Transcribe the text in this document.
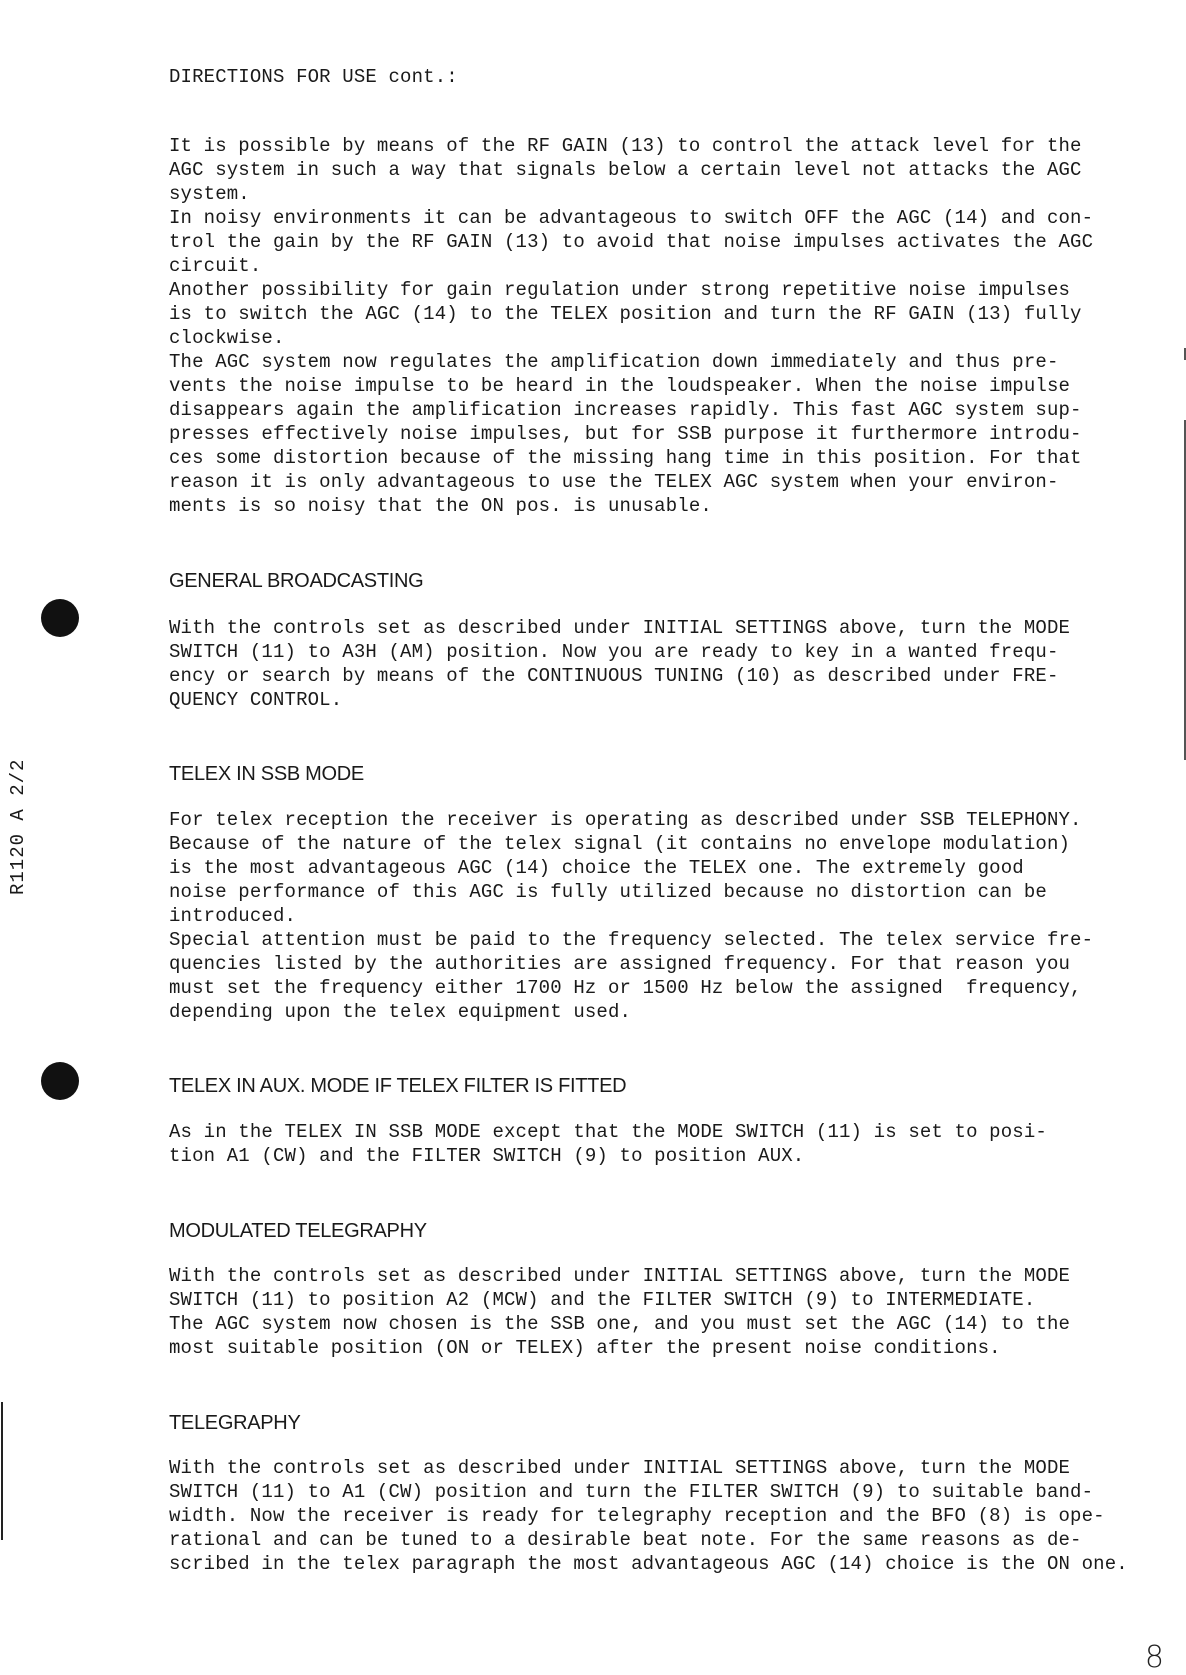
DIRECTIONS FOR USE cont.:
It is possible by means of the RF GAIN (13) to control the attack level for the
AGC system in such a way that signals below a certain level not attacks the AGC
system.
In noisy environments it can be advantageous to switch OFF the AGC (14) and con-
trol the gain by the RF GAIN (13) to avoid that noise impulses activates the AGC
circuit.
Another possibility for gain regulation under strong repetitive noise impulses
is to switch the AGC (14) to the TELEX position and turn the RF GAIN (13) fully
clockwise.
The AGC system now regulates the amplification down immediately and thus pre-
vents the noise impulse to be heard in the loudspeaker. When the noise impulse
disappears again the amplification increases rapidly. This fast AGC system sup-
presses effectively noise impulses, but for SSB purpose it furthermore introdu-
ces some distortion because of the missing hang time in this position. For that
reason it is only advantageous to use the TELEX AGC system when your environ-
ments is so noisy that the ON pos. is unusable.
GENERAL BROADCASTING
With the controls set as described under INITIAL SETTINGS above, turn the MODE
SWITCH (11) to A3H (AM) position. Now you are ready to key in a wanted frequ-
ency or search by means of the CONTINUOUS TUNING (10) as described under FRE-
QUENCY CONTROL.
TELEX IN SSB MODE
For telex reception the receiver is operating as described under SSB TELEPHONY.
Because of the nature of the telex signal (it contains no envelope modulation)
is the most advantageous AGC (14) choice the TELEX one. The extremely good
noise performance of this AGC is fully utilized because no distortion can be
introduced.
Special attention must be paid to the frequency selected. The telex service fre-
quencies listed by the authorities are assigned frequency. For that reason you
must set the frequency either 1700 Hz or 1500 Hz below the assigned  frequency,
depending upon the telex equipment used.
TELEX IN AUX. MODE IF TELEX FILTER IS FITTED
As in the TELEX IN SSB MODE except that the MODE SWITCH (11) is set to posi-
tion A1 (CW) and the FILTER SWITCH (9) to position AUX.
MODULATED TELEGRAPHY
With the controls set as described under INITIAL SETTINGS above, turn the MODE
SWITCH (11) to position A2 (MCW) and the FILTER SWITCH (9) to INTERMEDIATE.
The AGC system now chosen is the SSB one, and you must set the AGC (14) to the
most suitable position (ON or TELEX) after the present noise conditions.
TELEGRAPHY
With the controls set as described under INITIAL SETTINGS above, turn the MODE
SWITCH (11) to A1 (CW) position and turn the FILTER SWITCH (9) to suitable band-
width. Now the receiver is ready for telegraphy reception and the BFO (8) is ope-
rational and can be tuned to a desirable beat note. For the same reasons as de-
scribed in the telex paragraph the most advantageous AGC (14) choice is the ON one.
R1120 A 2/2
8
